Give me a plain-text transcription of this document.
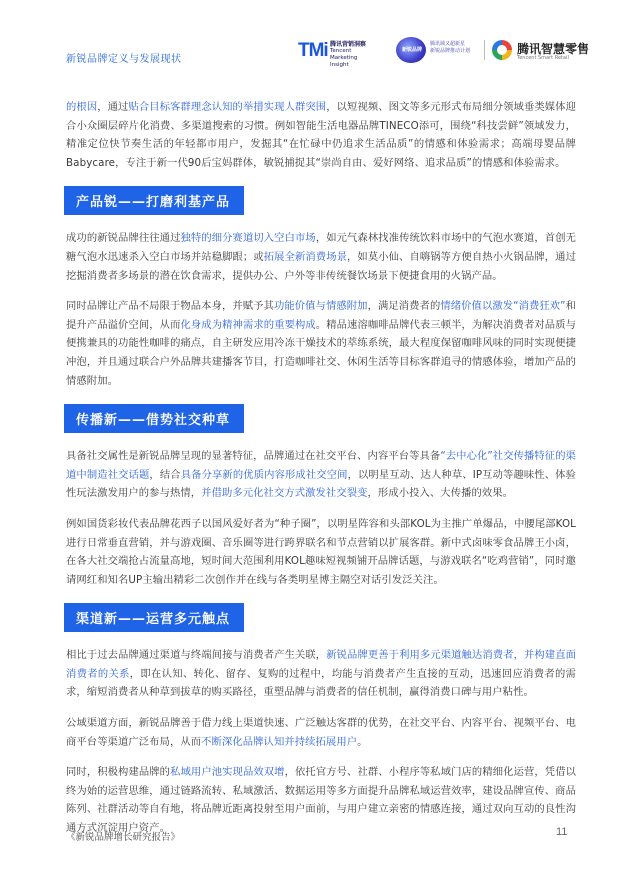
新锐品牌定义与发展现状	TMi 腾讯营销洞察
Tencent
Marketing Insight
新锐品牌
腾讯域又超新星
新锐品牌推动计划	腾讯智慧零售
Tencent Smart Retail

的根因，通过贴合目标客群理念认知的举措实现人群突围，以短视频、图文等多元形式布局细分领域垂类媒体迎合小众圈层碎片化消费、多渠道搜索的习惯。例如智能生活电器品牌TINECO添可，围绕“科技尝鲜”领域发力，精准定位快节奏生活的年轻都市用户，发掘其“在忙碌中仍追求生活品质”的情感和体验需求；高端母婴品牌Babycare，专注于新一代90后宝妈群体，敏锐捕捉其“崇尚自由、爱好网络、追求品质”的情感和体验需求。

产品锐——打磨利基产品

成功的新锐品牌往往通过独特的细分赛道切入空白市场，如元气森林找准传统饮料市场中的气泡水赛道，首创无糖气泡水迅速杀入空白市场并站稳脚跟；或拓展全新消费场景，如莫小仙、自嗨锅等方便自热小火锅品牌，通过挖掘消费者多场景的潜在饮食需求，提供办公、户外等非传统餐饮场景下便捷食用的火锅产品。

同时品牌让产品不局限于物品本身，并赋予其功能价值与情感附加，满足消费者的情绪价值以激发“消费狂欢”和提升产品溢价空间，从而化身成为精神需求的重要构成。精品速溶咖啡品牌代表三顿半，为解决消费者对品质与便携兼具的功能性咖啡的痛点，自主研发应用冷冻干燥技术的萃练系统，最大程度保留咖啡风味的同时实现便捷冲泡，并且通过联合户外品牌共建播客节目，打造咖啡社交、休闲生活等目标客群追寻的情感体验，增加产品的情感附加。

传播新——借势社交种草

具备社交属性是新锐品牌呈现的显著特征，品牌通过在社交平台、内容平台等具备“去中心化”社交传播特征的渠道中制造社交话题，结合具备分享新的优质内容形成社交空间，以明星互动、达人种草、IP互动等趣味性、体验性玩法激发用户的参与热情，并借助多元化社交方式激发社交裂变，形成小投入、大传播的效果。

例如国货彩妆代表品牌花西子以国风爱好者为“种子圈”，以明星阵容和头部KOL为主推广单爆品，中腰尾部KOL进行日常垂直营销，并与游戏圈、音乐圈等进行跨界联名和节点营销以扩展客群。新中式卤味零食品牌王小卤，在各大社交端抢占流量高地，短时间大范围利用KOL趣味短视频铺开品牌话题，与游戏联名“吃鸡营销”，同时邀请网红和知名UP主输出精彩二次创作并在线与各类明星博主隔空对话引发泛关注。

渠道新——运营多元触点

相比于过去品牌通过渠道与终端间接与消费者产生关联，新锐品牌更善于利用多元渠道触达消费者，并构建直面消费者的关系，即在认知、转化、留存、复购的过程中，均能与消费者产生直接的互动，迅速回应消费者的需求，缩短消费者从种草到拔草的购买路径，重塑品牌与消费者的信任机制，赢得消费口碑与用户粘性。

公域渠道方面，新锐品牌善于借力线上渠道快速、广泛触达客群的优势，在社交平台、内容平台、视频平台、电商平台等渠道广泛布局，从而不断深化品牌认知并持续拓展用户。

同时，积极构建品牌的私域用户池实现品效双增，依托官方号、社群、小程序等私域门店的精细化运营，凭借以终为始的运营思维，通过链路流转、私域激活、数据运用等多方面提升品牌私域运营效率，建设品牌宣传、商品陈列、社群活动等自有地，将品牌近距离投射至用户面前，与用户建立亲密的情感连接，通过双向互动的良性沟通方式沉淀用户资产。

《新锐品牌增长研究报告》	11
